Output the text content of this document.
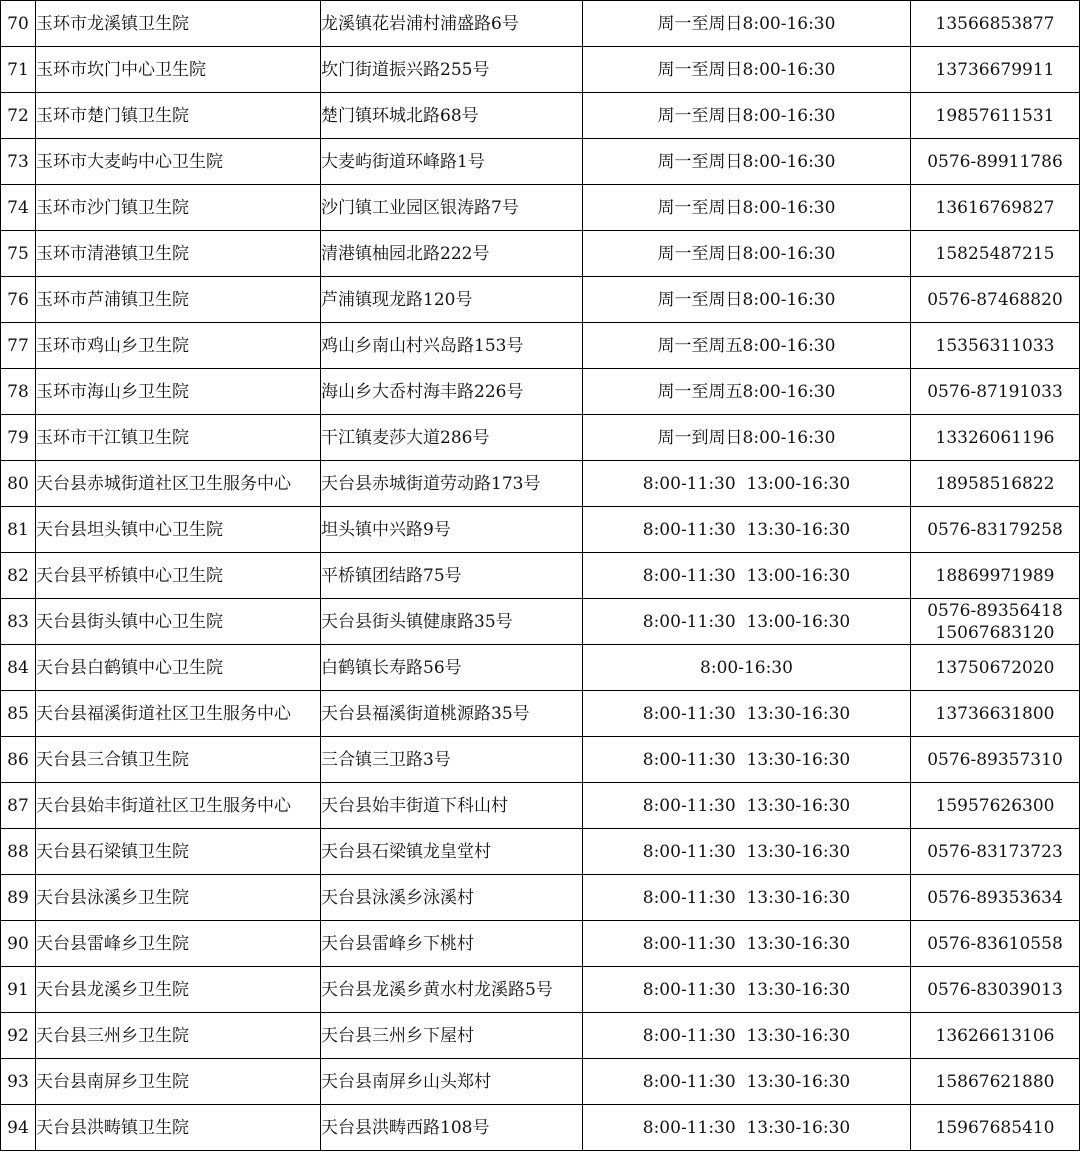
70	玉环市龙溪镇卫生院	龙溪镇花岩浦村浦盛路6号	周一至周日8:00-16:30	13566853877

71	玉环市坎门中心卫生院	坎门街道振兴路255号	周一至周日8:00-16:30	13736679911

72	玉环市楚门镇卫生院	楚门镇环城北路68号	周一至周日8:00-16:30	19857611531

73	玉环市大麦屿中心卫生院	大麦屿街道环峰路1号	周一至周日8:00-16:30	0576-89911786

74	玉环市沙门镇卫生院	沙门镇工业园区银涛路7号	周一至周日8:00-16:30	13616769827

75	玉环市清港镇卫生院	清港镇柚园北路222号	周一至周日8:00-16:30	15825487215

76	玉环市芦浦镇卫生院	芦浦镇现龙路120号	周一至周日8:00-16:30	0576-87468820

77	玉环市鸡山乡卫生院	鸡山乡南山村兴岛路153号	周一至周五8:00-16:30	15356311033

78	玉环市海山乡卫生院	海山乡大岙村海丰路226号	周一至周五8:00-16:30	0576-87191033

79	玉环市干江镇卫生院	干江镇麦莎大道286号	周一到周日8:00-16:30	13326061196

80	天台县赤城街道社区卫生服务中心	天台县赤城街道劳动路173号	8:00-11:30  13:00-16:30	18958516822

81	天台县坦头镇中心卫生院	坦头镇中兴路9号	8:00-11:30  13:30-16:30	0576-83179258

82	天台县平桥镇中心卫生院	平桥镇团结路75号	8:00-11:30  13:00-16:30	18869971989

83	天台县街头镇中心卫生院	天台县街头镇健康路35号	8:00-11:30  13:00-16:30	0576-89356418
15067683120

84	天台县白鹤镇中心卫生院	白鹤镇长寿路56号	8:00-16:30	13750672020

85	天台县福溪街道社区卫生服务中心	天台县福溪街道桃源路35号	8:00-11:30  13:30-16:30	13736631800

86	天台县三合镇卫生院	三合镇三卫路3号	8:00-11:30  13:30-16:30	0576-89357310

87	天台县始丰街道社区卫生服务中心	天台县始丰街道下科山村	8:00-11:30  13:30-16:30	15957626300

88	天台县石梁镇卫生院	天台县石梁镇龙皇堂村	8:00-11:30  13:30-16:30	0576-83173723

89	天台县泳溪乡卫生院	天台县泳溪乡泳溪村	8:00-11:30  13:30-16:30	0576-89353634

90	天台县雷峰乡卫生院	天台县雷峰乡下桃村	8:00-11:30  13:30-16:30	0576-83610558

91	天台县龙溪乡卫生院	天台县龙溪乡黄水村龙溪路5号	8:00-11:30  13:30-16:30	0576-83039013

92	天台县三州乡卫生院	天台县三州乡下屋村	8:00-11:30  13:30-16:30	13626613106

93	天台县南屏乡卫生院	天台县南屏乡山头郑村	8:00-11:30  13:30-16:30	15867621880

94	天台县洪畴镇卫生院	天台县洪畴西路108号	8:00-11:30  13:30-16:30	15967685410
